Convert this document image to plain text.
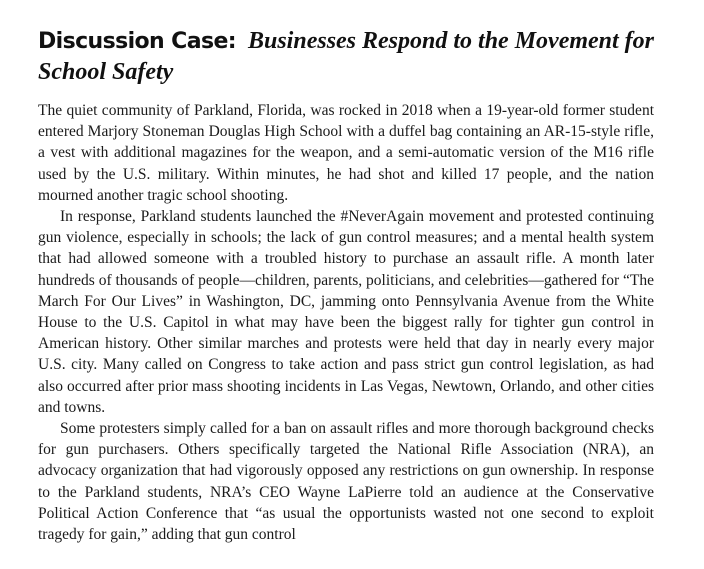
Discussion Case: Businesses Respond to the Movement for School Safety

The quiet community of Parkland, Florida, was rocked in 2018 when a 19-year-old former student entered Marjory Stoneman Douglas High School with a duffel bag containing an AR-15-style rifle, a vest with additional magazines for the weapon, and a semi-automatic version of the M16 rifle used by the U.S. military. Within minutes, he had shot and killed 17 people, and the nation mourned another tragic school shooting.

In response, Parkland students launched the #NeverAgain movement and protested continuing gun violence, especially in schools; the lack of gun control measures; and a mental health system that had allowed someone with a troubled history to purchase an assault rifle. A month later hundreds of thousands of people—children, parents, politicians, and celebrities—gathered for “The March For Our Lives” in Washington, DC, jamming onto Pennsylvania Avenue from the White House to the U.S. Capitol in what may have been the biggest rally for tighter gun control in American history. Other similar marches and protests were held that day in nearly every major U.S. city. Many called on Congress to take action and pass strict gun control legislation, as had also occurred after prior mass shooting incidents in Las Vegas, Newtown, Orlando, and other cities and towns.

Some protesters simply called for a ban on assault rifles and more thorough background checks for gun purchasers. Others specifically targeted the National Rifle Association (NRA), an advocacy organization that had vigorously opposed any restrictions on gun ownership. In response to the Parkland students, NRA’s CEO Wayne LaPierre told an audience at the Conservative Political Action Conference that “as usual the opportunists wasted not one second to exploit tragedy for gain,” adding that gun control
